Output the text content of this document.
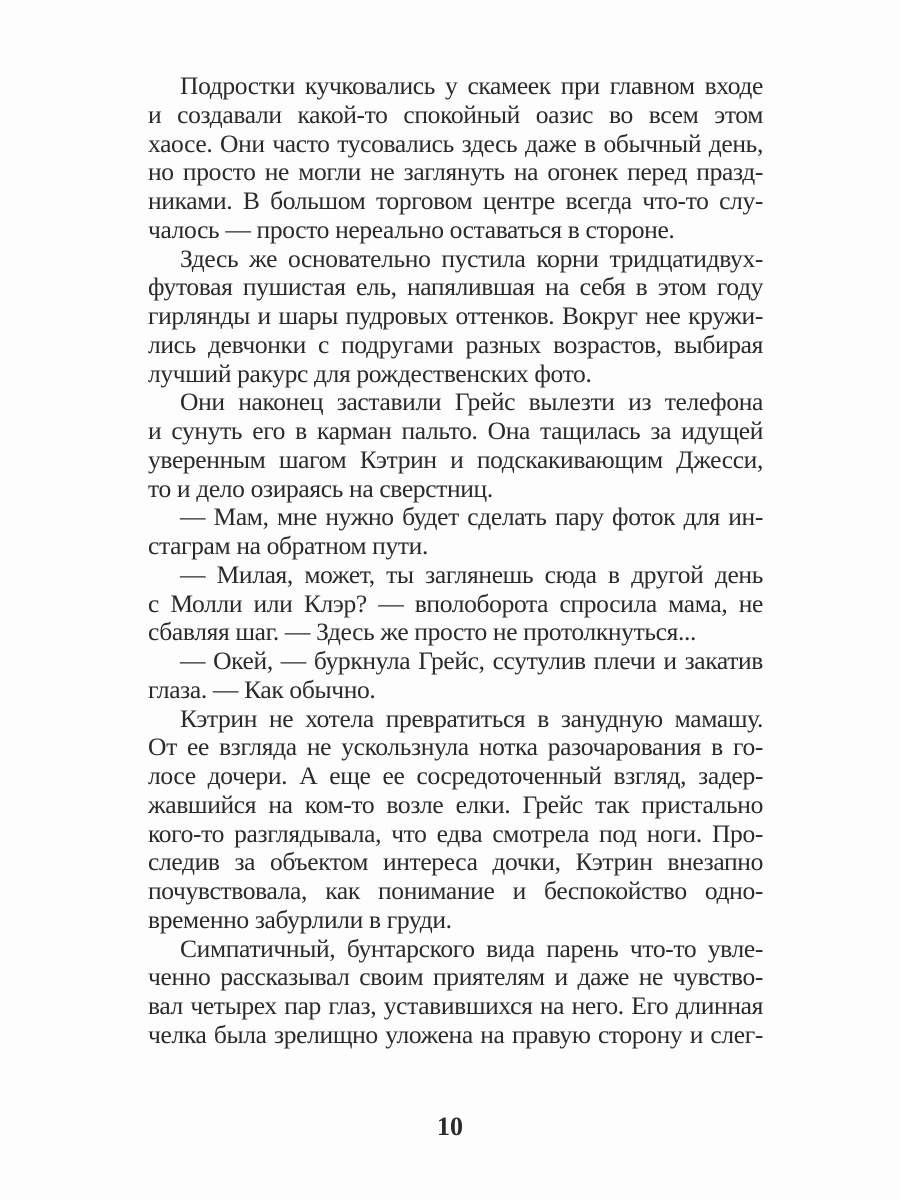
Подростки кучковались у скамеек при главном входе
и создавали какой-то спокойный оазис во всем этом
хаосе. Они часто тусовались здесь даже в обычный день,
но просто не могли не заглянуть на огонек перед празд-
никами. В большом торговом центре всегда что-то слу-
чалось — просто нереально оставаться в стороне.
Здесь же основательно пустила корни тридцатидвух-
футовая пушистая ель, напялившая на себя в этом году
гирлянды и шары пудровых оттенков. Вокруг нее кружи-
лись девчонки с подругами разных возрастов, выбирая
лучший ракурс для рождественских фото.
Они наконец заставили Грейс вылезти из телефона
и сунуть его в карман пальто. Она тащилась за идущей
уверенным шагом Кэтрин и подскакивающим Джесси,
то и дело озираясь на сверстниц.
— Мам, мне нужно будет сделать пару фоток для ин-
стаграм на обратном пути.
— Милая, может, ты заглянешь сюда в другой день
с Молли или Клэр? — вполоборота спросила мама, не
сбавляя шаг. — Здесь же просто не протолкнуться...
— Окей, — буркнула Грейс, ссутулив плечи и закатив
глаза. — Как обычно.
Кэтрин не хотела превратиться в занудную мамашу.
От ее взгляда не ускользнула нотка разочарования в го-
лосе дочери. А еще ее сосредоточенный взгляд, задер-
жавшийся на ком-то возле елки. Грейс так пристально
кого-то разглядывала, что едва смотрела под ноги. Про-
следив за объектом интереса дочки, Кэтрин внезапно
почувствовала, как понимание и беспокойство одно-
временно забурлили в груди.
Симпатичный, бунтарского вида парень что-то увле-
ченно рассказывал своим приятелям и даже не чувство-
вал четырех пар глаз, уставившихся на него. Его длинная
челка была зрелищно уложена на правую сторону и слег-
10
